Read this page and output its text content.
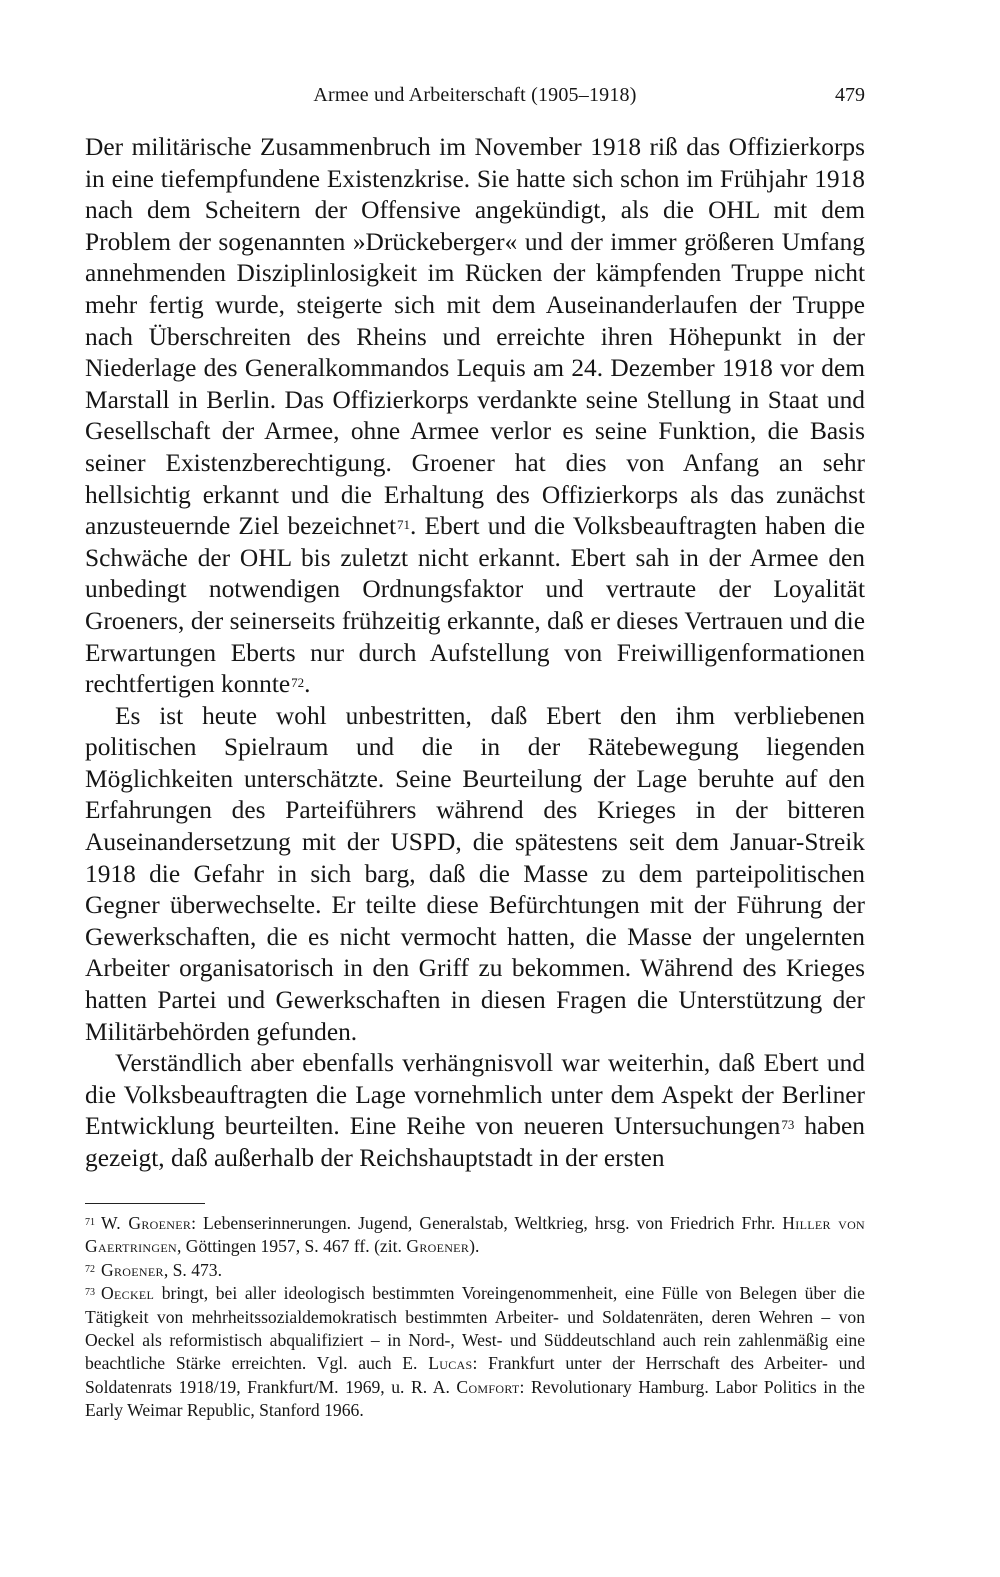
Armee und Arbeiterschaft (1905–1918)	479

Der militärische Zusammenbruch im November 1918 riß das Offizierkorps in eine tiefempfundene Existenzkrise. Sie hatte sich schon im Frühjahr 1918 nach dem Scheitern der Offensive angekündigt, als die OHL mit dem Problem der sogenannten »Drückeberger« und der immer größeren Umfang annehmenden Disziplinlosigkeit im Rücken der kämpfenden Truppe nicht mehr fertig wurde, steigerte sich mit dem Auseinanderlaufen der Truppe nach Überschreiten des Rheins und erreichte ihren Höhepunkt in der Niederlage des Generalkommandos Lequis am 24. Dezember 1918 vor dem Marstall in Berlin. Das Offizierkorps verdankte seine Stellung in Staat und Gesellschaft der Armee, ohne Armee verlor es seine Funktion, die Basis seiner Existenzberechtigung. Groener hat dies von Anfang an sehr hellsichtig erkannt und die Erhaltung des Offizierkorps als das zunächst anzusteuernde Ziel bezeichnet$^{71}$. Ebert und die Volksbeauftragten haben die Schwäche der OHL bis zuletzt nicht erkannt. Ebert sah in der Armee den unbedingt notwendigen Ordnungsfaktor und vertraute der Loyalität Groeners, der seinerseits frühzeitig erkannte, daß er dieses Vertrauen und die Erwartungen Eberts nur durch Aufstellung von Freiwilligenformationen rechtfertigen konnte$^{72}$.

Es ist heute wohl unbestritten, daß Ebert den ihm verbliebenen politischen Spielraum und die in der Rätebewegung liegenden Möglichkeiten unterschätzte. Seine Beurteilung der Lage beruhte auf den Erfahrungen des Parteiführers während des Krieges in der bitteren Auseinandersetzung mit der USPD, die spätestens seit dem Januar-Streik 1918 die Gefahr in sich barg, daß die Masse zu dem parteipolitischen Gegner überwechselte. Er teilte diese Befürchtungen mit der Führung der Gewerkschaften, die es nicht vermocht hatten, die Masse der ungelernten Arbeiter organisatorisch in den Griff zu bekommen. Während des Krieges hatten Partei und Gewerkschaften in diesen Fragen die Unterstützung der Militärbehörden gefunden.

Verständlich aber ebenfalls verhängnisvoll war weiterhin, daß Ebert und die Volksbeauftragten die Lage vornehmlich unter dem Aspekt der Berliner Entwicklung beurteilten. Eine Reihe von neueren Untersuchungen$^{73}$ haben gezeigt, daß außerhalb der Reichshauptstadt in der ersten

$^{71}$ W. Groener: Lebenserinnerungen. Jugend, Generalstab, Weltkrieg, hrsg. von Friedrich Frhr. Hiller von Gaertringen, Göttingen 1957, S. 467 ff. (zit. Groener).

$^{72}$ Groener, S. 473.

$^{73}$ Oeckel bringt, bei aller ideologisch bestimmten Voreingenommenheit, eine Fülle von Belegen über die Tätigkeit von mehrheitssozialdemokratisch bestimmten Arbeiter- und Soldatenräten, deren Wehren – von Oeckel als reformistisch abqualifiziert – in Nord-, West- und Süddeutschland auch rein zahlenmäßig eine beachtliche Stärke erreichten. Vgl. auch E. Lucas: Frankfurt unter der Herrschaft des Arbeiter- und Soldatenrats 1918/19, Frankfurt/M. 1969, u. R. A. Comfort: Revolutionary Hamburg. Labor Politics in the Early Weimar Republic, Stanford 1966.
